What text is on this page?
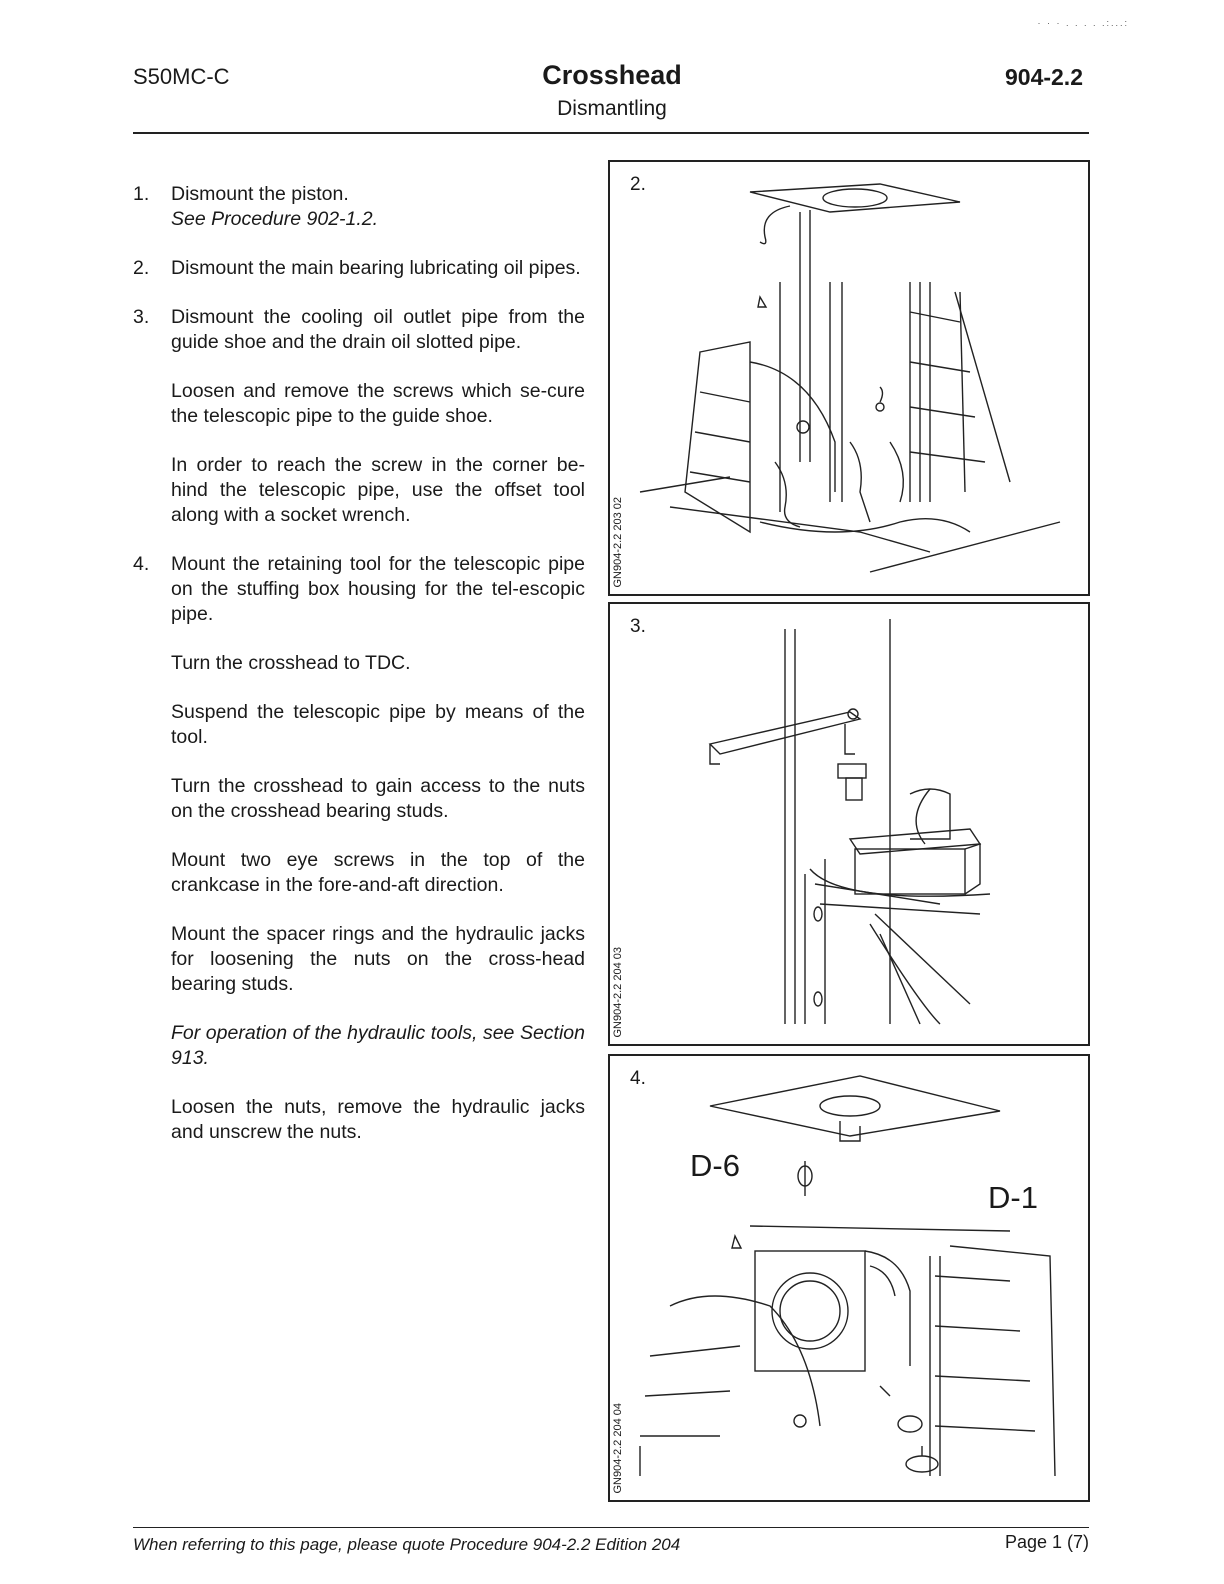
· · · . . . . .:...:
S50MC-C	Crosshead
Dismantling
904-2.2
1. Dismount the piston.

See Procedure 902-1.2.

2. Dismount the main bearing lubricating oil pipes.

3. Dismount the cooling oil outlet pipe from the guide shoe and the drain oil slotted pipe.

Loosen and remove the screws which se-cure the telescopic pipe to the guide shoe.

In order to reach the screw in the corner be-hind the telescopic pipe, use the offset tool along with a socket wrench.

4. Mount the retaining tool for the telescopic pipe on the stuffing box housing for the tel-escopic pipe.

Turn the crosshead to TDC.

Suspend the telescopic pipe by means of the tool.

Turn the crosshead to gain access to the nuts on the crosshead bearing studs.

Mount two eye screws in the top of the crankcase in the fore-and-aft direction.

Mount the spacer rings and the hydraulic jacks for loosening the nuts on the cross-head bearing studs.

For operation of the hydraulic tools, see Section 913.

Loosen the nuts, remove the hydraulic jacks and unscrew the nuts.

2.
GN904-2.2 203 02
3.
GN904-2.2 204 03
4.
D-6
D-1
GN904-2.2 204 04
When referring to this page, please quote Procedure 904-2.2 Edition 204	Page 1 (7)
